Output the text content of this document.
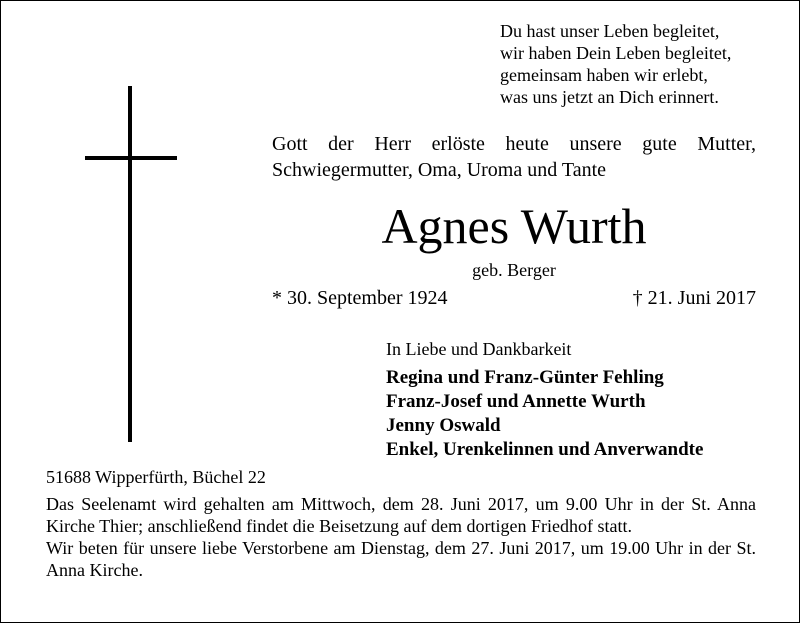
Du hast unser Leben begleitet,
wir haben Dein Leben begleitet,
gemeinsam haben wir erlebt,
was uns jetzt an Dich erinnert.
Gott der Herr erlöste heute unsere gute Mutter,
Schwiegermutter, Oma, Uroma und Tante
Agnes Wurth
geb. Berger
* 30. September 1924	† 21. Juni 2017
In Liebe und Dankbarkeit
Regina und Franz-Günter Fehling
Franz-Josef und Annette Wurth
Jenny Oswald
Enkel, Urenkelinnen und Anverwandte
51688 Wipperfürth, Büchel 22
Das Seelenamt wird gehalten am Mittwoch, dem 28. Juni 2017, um 9.00 Uhr in der St. Anna Kirche Thier; anschließend findet die Beisetzung auf dem dortigen Friedhof statt.
Wir beten für unsere liebe Verstorbene am Dienstag, dem 27. Juni 2017, um 19.00 Uhr in der St. Anna Kirche.
